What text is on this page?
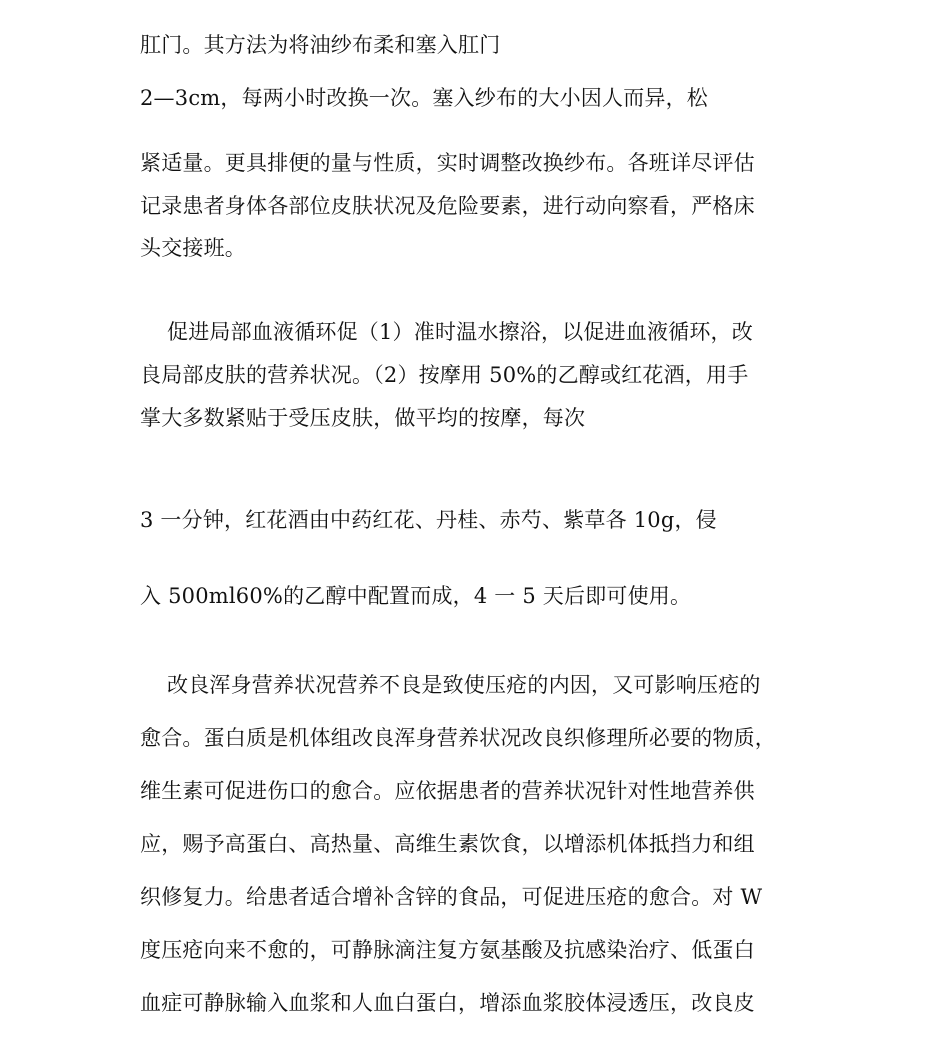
肛门。其方法为将油纱布柔和塞入肛门
2—3cm，每两小时改换一次。塞入纱布的大小因人而异，松
紧适量。更具排便的量与性质，实时调整改换纱布。各班详尽评估
记录患者身体各部位皮肤状况及危险要素，进行动向察看，严格床
头交接班。
促进局部血液循环促（1）准时温水擦浴，以促进血液循环，改
良局部皮肤的营养状况。（2）按摩用 50%的乙醇或红花酒，用手
掌大多数紧贴于受压皮肤，做平均的按摩，每次
3 一分钟，红花酒由中药红花、丹桂、赤芍、紫草各 10g，侵
入 500ml60%的乙醇中配置而成，4 一 5 天后即可使用。
改良浑身营养状况营养不良是致使压疮的内因，又可影响压疮的
愈合。蛋白质是机体组改良浑身营养状况改良织修理所必要的物质，
维生素可促进伤口的愈合。应依据患者的营养状况针对性地营养供
应，赐予高蛋白、高热量、高维生素饮食，以增添机体抵挡力和组
织修复力。给患者适合增补含锌的食品，可促进压疮的愈合。对 W
度压疮向来不愈的，可静脉滴注复方氨基酸及抗感染治疗、低蛋白
血症可静脉输入血浆和人血白蛋白，增添血浆胶体浸透压，改良皮
